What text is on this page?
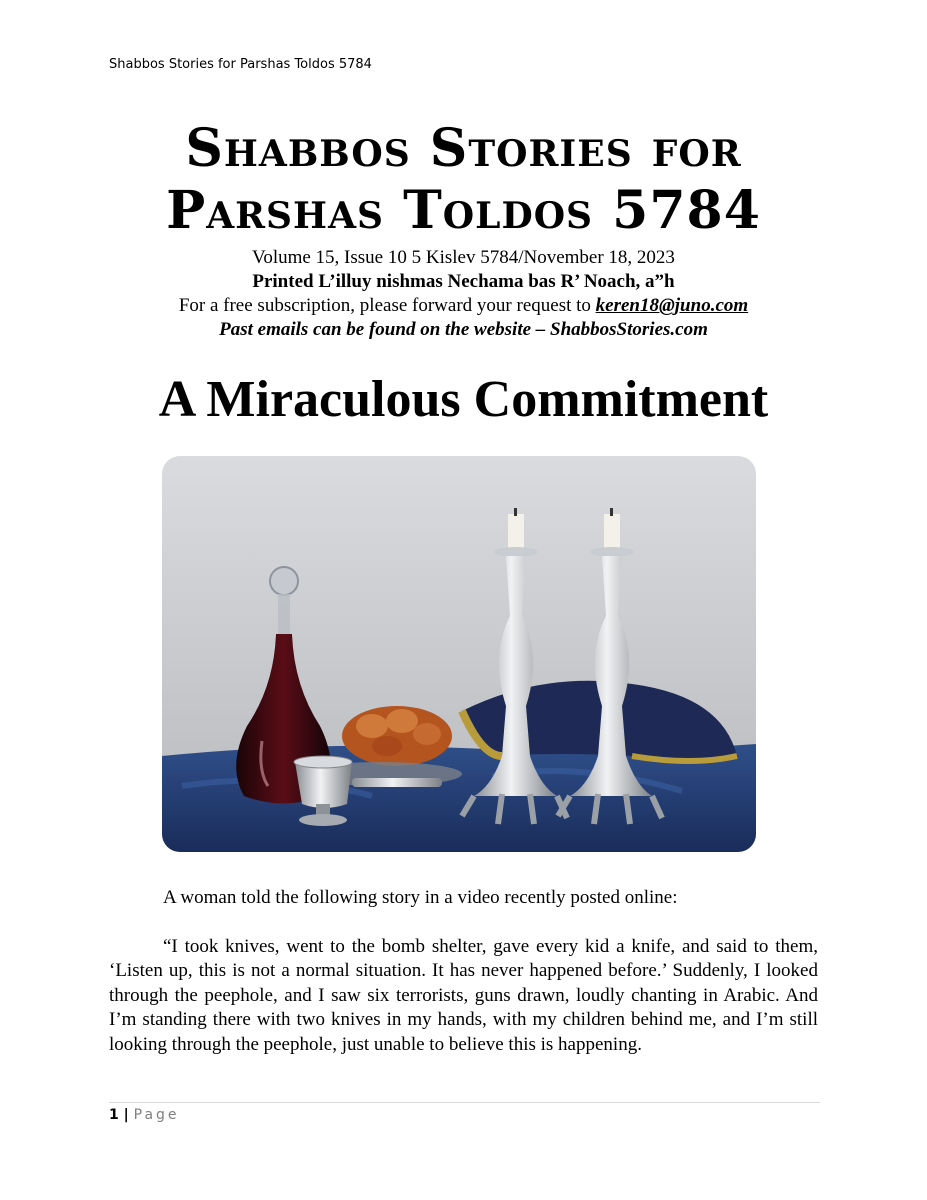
Shabbos Stories for Parshas Toldos 5784
Shabbos Stories for
Parshas Toldos 5784
Volume 15, Issue 10 5 Kislev 5784/November 18, 2023
Printed L’illuy nishmas Nechama bas R’ Noach, a”h
For a free subscription, please forward your request to keren18@juno.com
Past emails can be found on the website – ShabbosStories.com
A Miraculous Commitment

A woman told the following story in a video recently posted online:

“I took knives, went to the bomb shelter, gave every kid a knife, and said to them, ‘Listen up, this is not a normal situation. It has never happened before.’ Suddenly, I looked through the peephole, and I saw six terrorists, guns drawn, loudly chanting in Arabic. And I’m standing there with two knives in my hands, with my children behind me, and I’m still looking through the peephole, just unable to believe this is happening.

1 | Page
